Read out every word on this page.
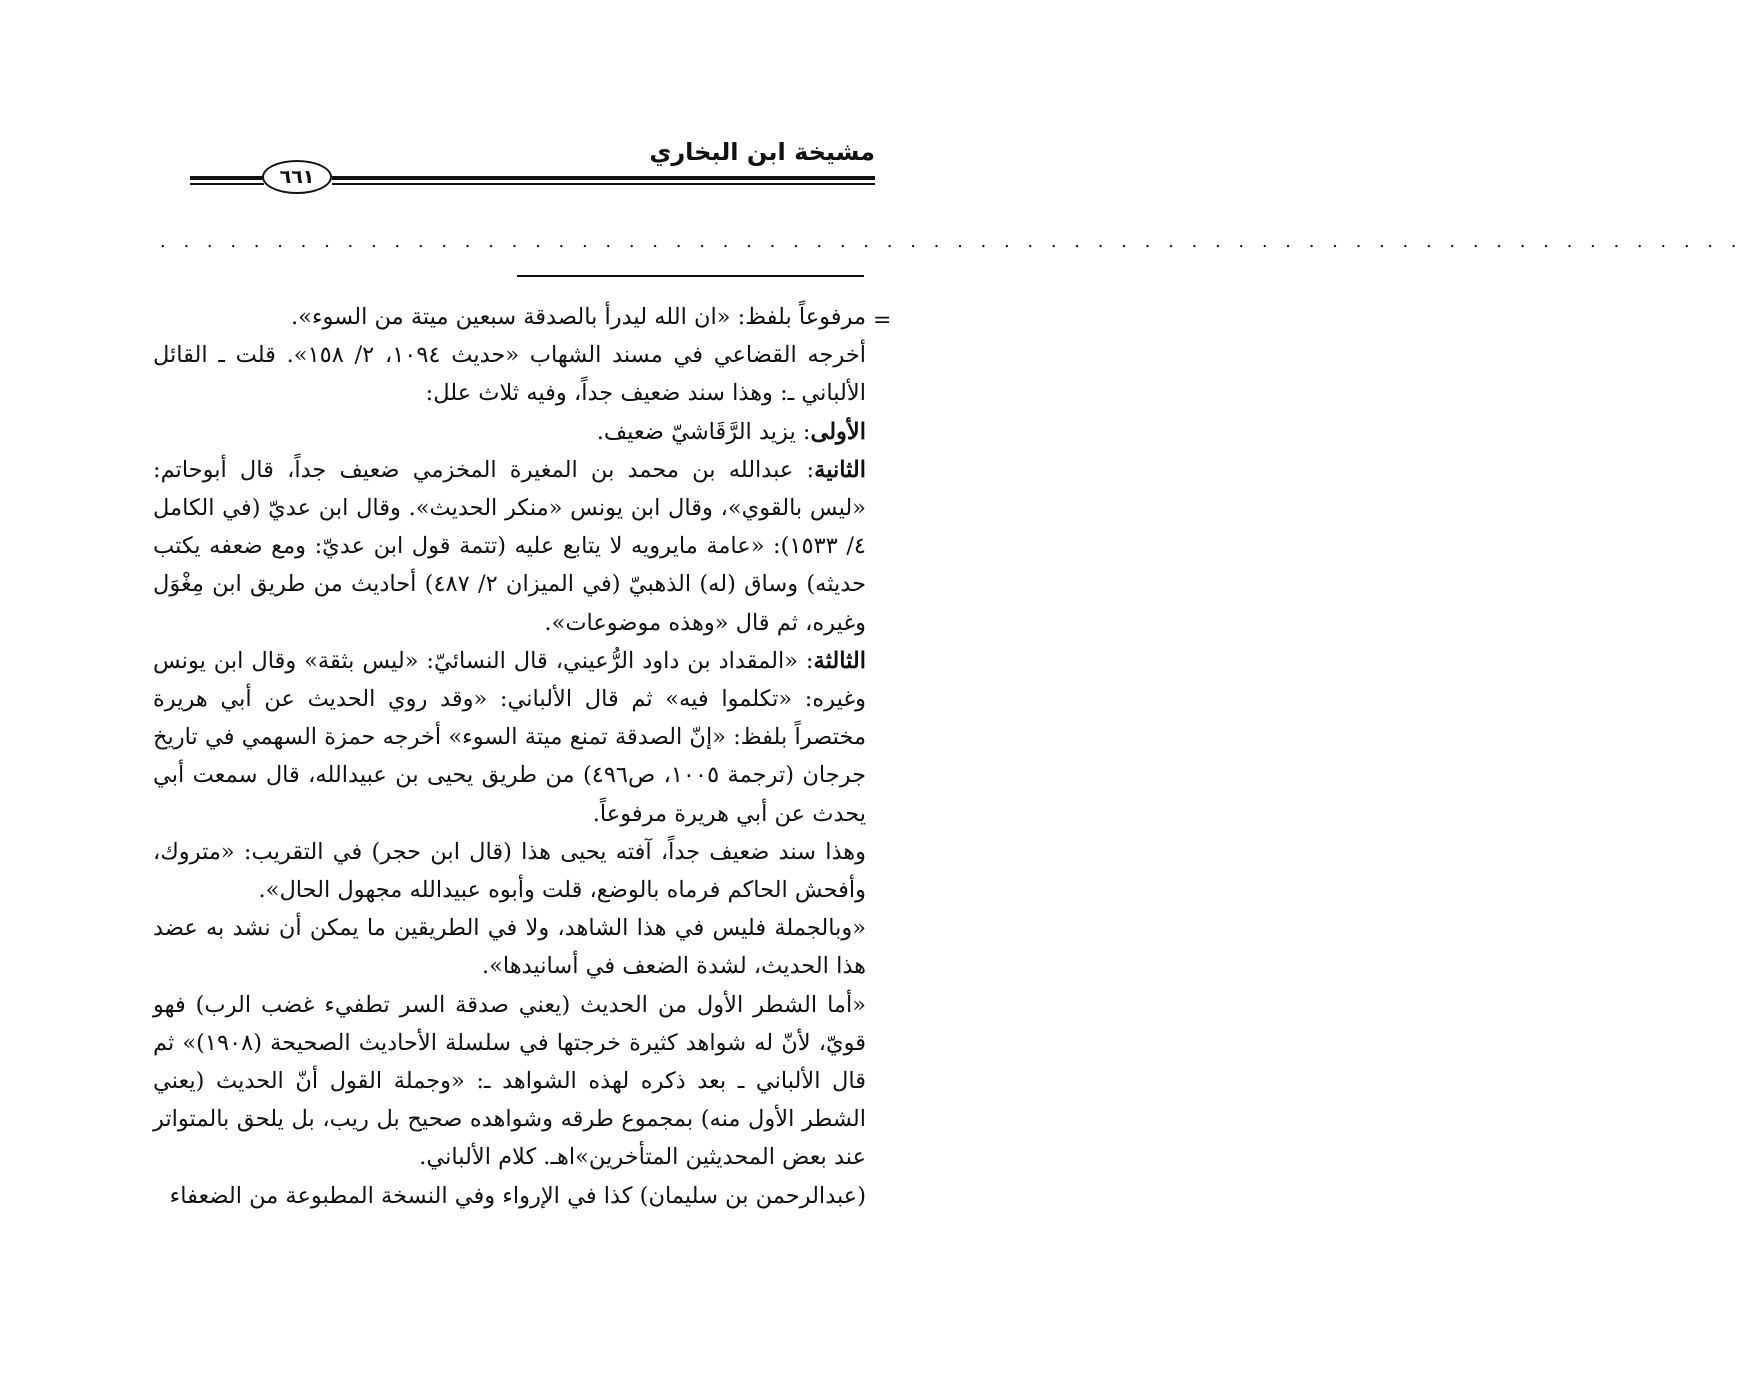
مشيخة ابن البخاري
٦٦١
. . . . . . . . . . . . . . . . . . . . . . . . . . . . . . . . . . . . . . . . . . . . . . . . . . . . . . . . . . . . . . . . . . . .
=

مرفوعاً بلفظ: «ان الله ليدرأ بالصدقة سبعين ميتة من السوء».

أخرجه القضاعي في مسند الشهاب «حديث ١٠٩٤، ٢/ ١٥٨». قلت ـ القائل الألباني ـ: وهذا سند ضعيف جداً، وفيه ثلاث علل:

الأولى: يزيد الرَّقَاشيّ ضعيف.

الثانية: عبدالله بن محمد بن المغيرة المخزمي ضعيف جداً، قال أبوحاتم: «ليس بالقوي»، وقال ابن يونس «منكر الحديث». وقال ابن عديّ (في الكامل ٤/ ١٥٣٣): «عامة مايرويه لا يتابع عليه (تتمة قول ابن عديّ: ومع ضعفه يكتب حديثه) وساق (له) الذهبيّ (في الميزان ٢/ ٤٨٧) أحاديث من طريق ابن مِغْوَل وغيره، ثم قال «وهذه موضوعات».

الثالثة: «المقداد بن داود الرُّعيني، قال النسائيّ: «ليس بثقة» وقال ابن يونس وغيره: «تكلموا فيه» ثم قال الألباني: «وقد روي الحديث عن أبي هريرة مختصراً بلفظ: «إنّ الصدقة تمنع ميتة السوء» أخرجه حمزة السهمي في تاريخ جرجان (ترجمة ١٠٠٥، ص٤٩٦) من طريق يحيى بن عبيدالله، قال سمعت أبي يحدث عن أبي هريرة مرفوعاً.

وهذا سند ضعيف جداً، آفته يحيى هذا (قال ابن حجر) في التقريب: «متروك، وأفحش الحاكم فرماه بالوضع، قلت وأبوه عبيدالله مجهول الحال».

«وبالجملة فليس في هذا الشاهد، ولا في الطريقين ما يمكن أن نشد به عضد هذا الحديث، لشدة الضعف في أسانيدها».

«أما الشطر الأول من الحديث (يعني صدقة السر تطفيء غضب الرب) فهو قويّ، لأنّ له شواهد كثيرة خرجتها في سلسلة الأحاديث الصحيحة (١٩٠٨)» ثم قال الألباني ـ بعد ذكره لهذه الشواهد ـ: «وجملة القول أنّ الحديث (يعني الشطر الأول منه) بمجموع طرقه وشواهده صحيح بل ريب، بل يلحق بالمتواتر عند بعض المحديثين المتأخرين»اهـ. كلام الألباني.

(عبدالرحمن بن سليمان) كذا في الإرواء وفي النسخة المطبوعة من الضعفاء
